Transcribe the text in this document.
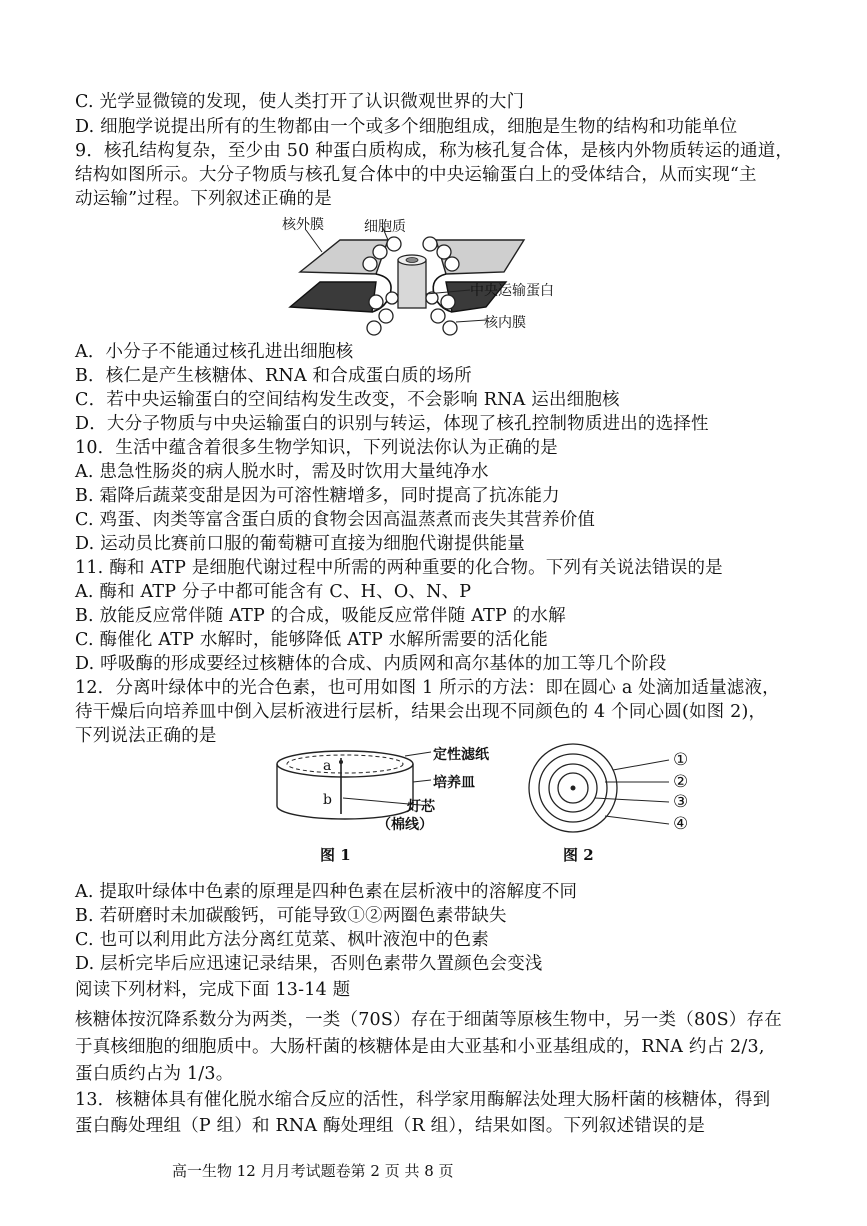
C. 光学显微镜的发现，使人类打开了认识微观世界的大门
D. 细胞学说提出所有的生物都由一个或多个细胞组成，细胞是生物的结构和功能单位
9．核孔结构复杂，至少由 50 种蛋白质构成，称为核孔复合体，是核内外物质转运的通道，
结构如图所示。大分子物质与核孔复合体中的中央运输蛋白上的受体结合，从而实现“主
动运输”过程。下列叙述正确的是
核外膜	细胞质
中央运输蛋白
核内膜
A．小分子不能通过核孔进出细胞核
B．核仁是产生核糖体、RNA 和合成蛋白质的场所
C．若中央运输蛋白的空间结构发生改变，不会影响 RNA 运出细胞核
D．大分子物质与中央运输蛋白的识别与转运，体现了核孔控制物质进出的选择性
10．生活中蕴含着很多生物学知识，下列说法你认为正确的是
A. 患急性肠炎的病人脱水时，需及时饮用大量纯净水
B. 霜降后蔬菜变甜是因为可溶性糖增多，同时提高了抗冻能力
C. 鸡蛋、肉类等富含蛋白质的食物会因高温蒸煮而丧失其营养价值
D. 运动员比赛前口服的葡萄糖可直接为细胞代谢提供能量
11. 酶和 ATP 是细胞代谢过程中所需的两种重要的化合物。下列有关说法错误的是
A. 酶和 ATP 分子中都可能含有 C、H、O、N、P
B. 放能反应常伴随 ATP 的合成，吸能反应常伴随 ATP 的水解
C. 酶催化 ATP 水解时，能够降低 ATP 水解所需要的活化能
D. 呼吸酶的形成要经过核糖体的合成、内质网和高尔基体的加工等几个阶段
12．分离叶绿体中的光合色素，也可用如图 1 所示的方法：即在圆心 a 处滴加适量滤液，
待干燥后向培养皿中倒入层析液进行层析，结果会出现不同颜色的 4 个同心圆(如图 2)，
下列说法正确的是
a
b
定性滤纸
培养皿
灯芯
（棉线）
图 1
①
②
③
④
图 2
A. 提取叶绿体中色素的原理是四种色素在层析液中的溶解度不同
B. 若研磨时未加碳酸钙，可能导致①②两圈色素带缺失
C. 也可以利用此方法分离红苋菜、枫叶液泡中的色素
D. 层析完毕后应迅速记录结果，否则色素带久置颜色会变浅
阅读下列材料，完成下面 13-14 题
核糖体按沉降系数分为两类，一类（70S）存在于细菌等原核生物中，另一类（80S）存在
于真核细胞的细胞质中。大肠杆菌的核糖体是由大亚基和小亚基组成的，RNA 约占 2/3,
蛋白质约占为 1/3。
13．核糖体具有催化脱水缩合反应的活性，科学家用酶解法处理大肠杆菌的核糖体，得到
蛋白酶处理组（P 组）和 RNA 酶处理组（R 组），结果如图。下列叙述错误的是
高一生物 12 月月考试题卷第 2 页 共 8 页
